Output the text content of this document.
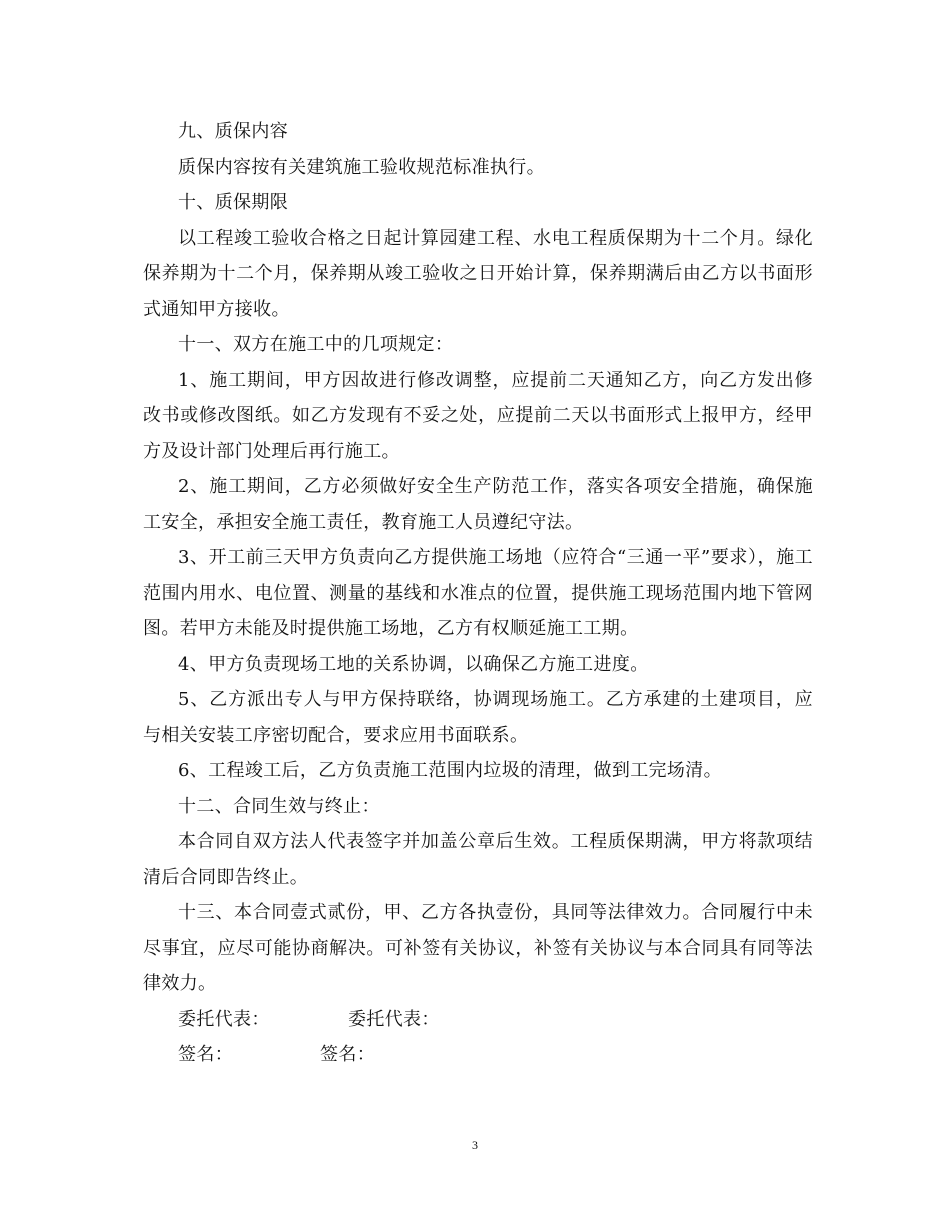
九、质保内容

质保内容按有关建筑施工验收规范标准执行。

十、质保期限

以工程竣工验收合格之日起计算园建工程、水电工程质保期为十二个月。绿化保养期为十二个月，保养期从竣工验收之日开始计算，保养期满后由乙方以书面形式通知甲方接收。

十一、双方在施工中的几项规定：

1、施工期间，甲方因故进行修改调整，应提前二天通知乙方，向乙方发出修改书或修改图纸。如乙方发现有不妥之处，应提前二天以书面形式上报甲方，经甲方及设计部门处理后再行施工。

2、施工期间，乙方必须做好安全生产防范工作，落实各项安全措施，确保施工安全，承担安全施工责任，教育施工人员遵纪守法。

3、开工前三天甲方负责向乙方提供施工场地（应符合“三通一平”要求），施工范围内用水、电位置、测量的基线和水准点的位置，提供施工现场范围内地下管网图。若甲方未能及时提供施工场地，乙方有权顺延施工工期。

4、甲方负责现场工地的关系协调，以确保乙方施工进度。

5、乙方派出专人与甲方保持联络，协调现场施工。乙方承建的土建项目，应与相关安装工序密切配合，要求应用书面联系。

6、工程竣工后，乙方负责施工范围内垃圾的清理，做到工完场清。

十二、合同生效与终止：

本合同自双方法人代表签字并加盖公章后生效。工程质保期满，甲方将款项结清后合同即告终止。

十三、本合同壹式贰份，甲、乙方各执壹份，具同等法律效力。合同履行中未尽事宜，应尽可能协商解决。可补签有关协议，补签有关协议与本合同具有同等法律效力。

委托代表：	委托代表：
签名：	签名：
3
